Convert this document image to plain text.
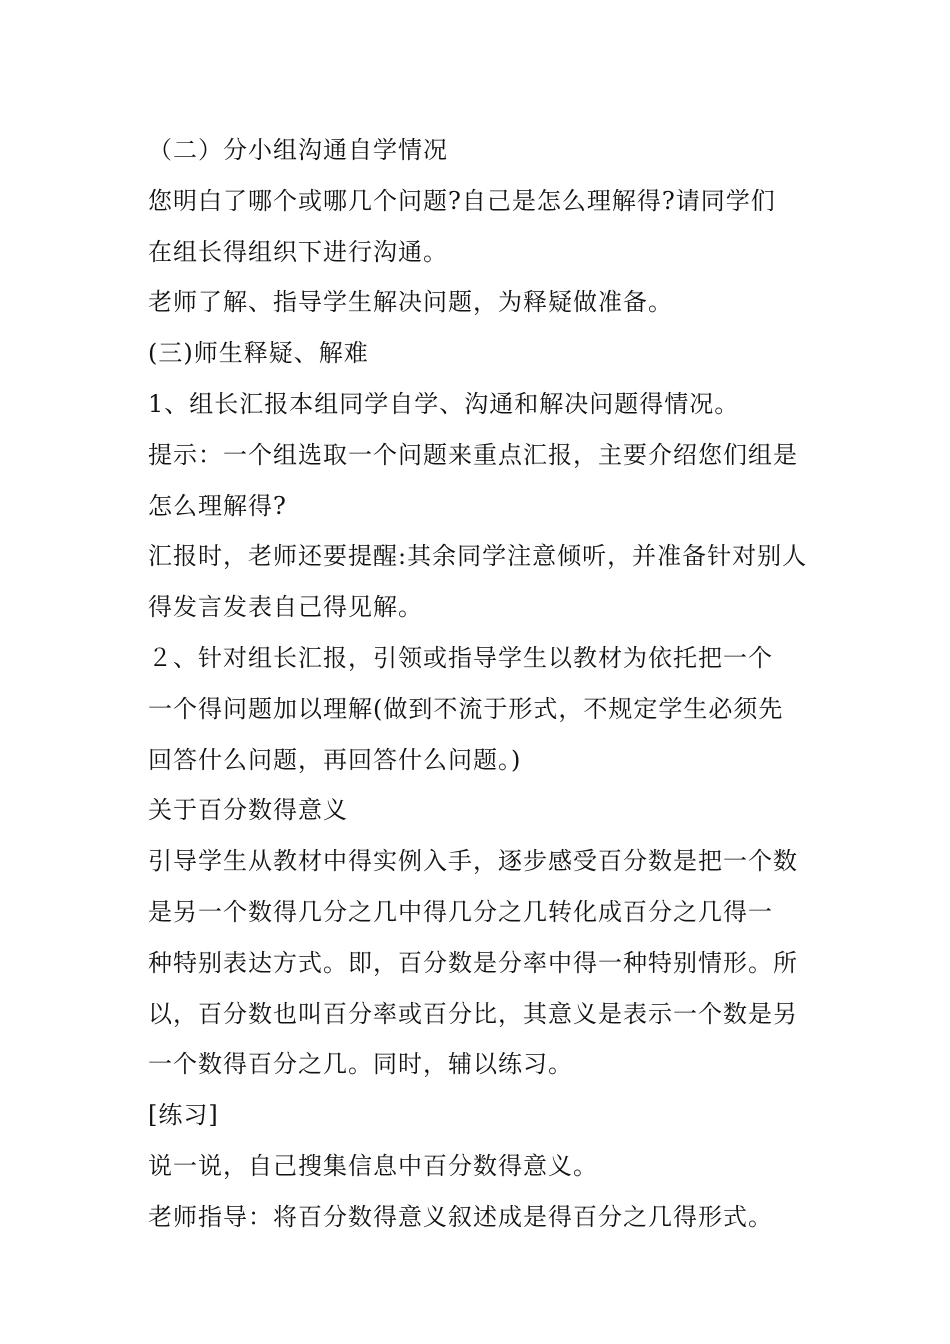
（二）分小组沟通自学情况
您明白了哪个或哪几个问题?自己是怎么理解得?请同学们
在组长得组织下进行沟通。
老师了解、指导学生解决问题，为释疑做准备。
(三)师生释疑、解难
1、组长汇报本组同学自学、沟通和解决问题得情况。
提示：一个组选取一个问题来重点汇报，主要介绍您们组是
怎么理解得?
汇报时，老师还要提醒:其余同学注意倾听，并准备针对别人
得发言发表自己得见解。
２、针对组长汇报，引领或指导学生以教材为依托把一个
一个得问题加以理解(做到不流于形式，不规定学生必须先
回答什么问题，再回答什么问题。)
关于百分数得意义
引导学生从教材中得实例入手，逐步感受百分数是把一个数
是另一个数得几分之几中得几分之几转化成百分之几得一
种特别表达方式。即，百分数是分率中得一种特别情形。所
以，百分数也叫百分率或百分比，其意义是表示一个数是另
一个数得百分之几。同时，辅以练习。
[练习]
说一说，自己搜集信息中百分数得意义。
老师指导：将百分数得意义叙述成是得百分之几得形式。
